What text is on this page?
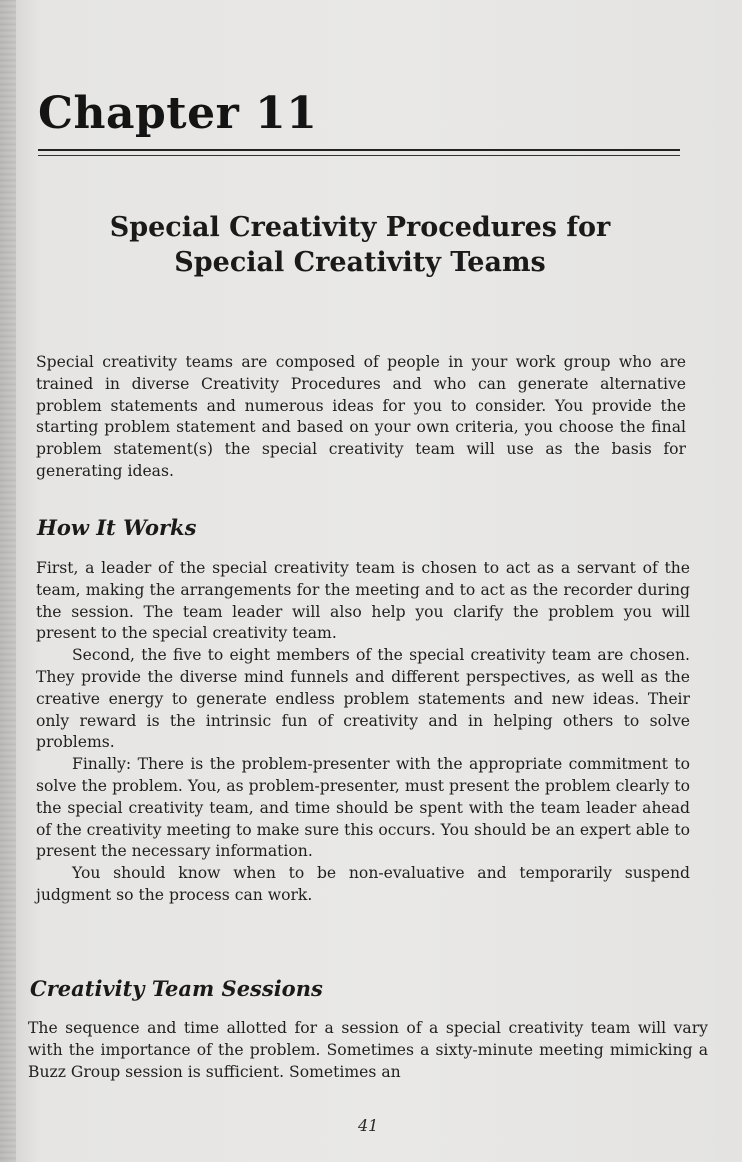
Chapter 11
Special Creativity Procedures for
Special Creativity Teams

Special creativity teams are composed of people in your work group who are trained in diverse Creativity Procedures and who can generate alternative problem statements and numerous ideas for you to consider. You provide the starting problem statement and based on your own criteria, you choose the final problem statement(s) the special creativity team will use as the basis for generating ideas.

How It Works

First, a leader of the special creativity team is chosen to act as a servant of the team, making the arrangements for the meeting and to act as the recorder during the session. The team leader will also help you clarify the problem you will present to the special creativity team.

Second, the five to eight members of the special creativity team are chosen. They provide the diverse mind funnels and different perspectives, as well as the creative energy to generate endless problem statements and new ideas. Their only reward is the intrinsic fun of creativity and in helping others to solve problems.

Finally: There is the problem-presenter with the appropriate commitment to solve the problem. You, as problem-presenter, must present the problem clearly to the special creativity team, and time should be spent with the team leader ahead of the creativity meeting to make sure this occurs. You should be an expert able to present the necessary information.

You should know when to be non-evaluative and temporarily suspend judgment so the process can work.

Creativity Team Sessions

The sequence and time allotted for a session of a special creativity team will vary with the importance of the problem. Sometimes a sixty-minute meeting mimicking a Buzz Group session is sufficient. Sometimes an

41
